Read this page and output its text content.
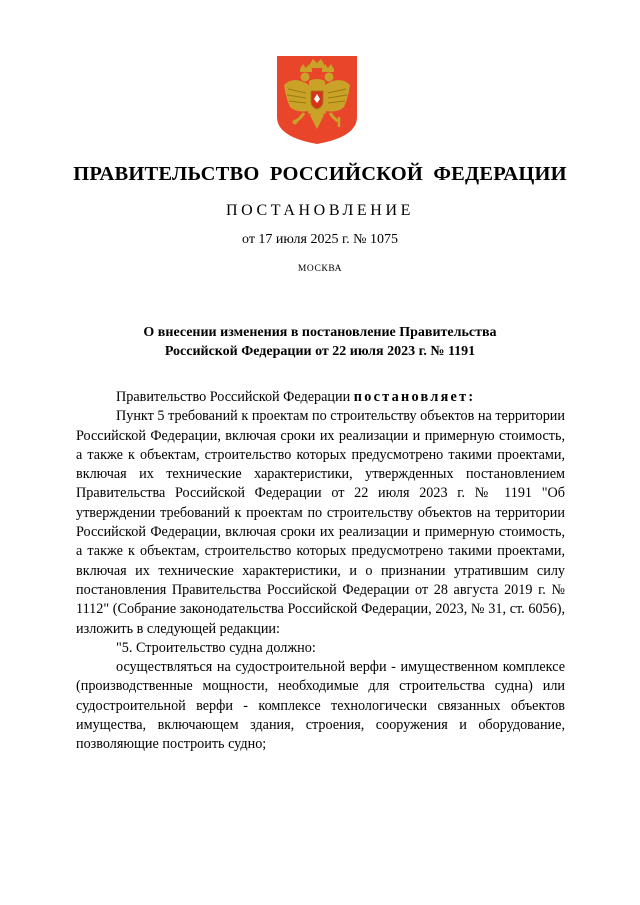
ПРАВИТЕЛЬСТВО РОССИЙСКОЙ ФЕДЕРАЦИИ
ПОСТАНОВЛЕНИЕ
от 17 июля 2025 г. № 1075
МОСКВА
О внесении изменения в постановление Правительства
Российской Федерации от 22 июля 2023 г. № 1191

Правительство Российской Федерации постановляет:

Пункт 5 требований к проектам по строительству объектов на территории Российской Федерации, включая сроки их реализации и примерную стоимость, а также к объектам, строительство которых предусмотрено такими проектами, включая их технические характеристики, утвержденных постановлением Правительства Российской Федерации от 22 июля 2023 г. № 1191 "Об утверждении требований к проектам по строительству объектов на территории Российской Федерации, включая сроки их реализации и примерную стоимость, а также к объектам, строительство которых предусмотрено такими проектами, включая их технические характеристики, и о признании утратившим силу постановления Правительства Российской Федерации от 28 августа 2019 г. № 1112" (Собрание законодательства Российской Федерации, 2023, № 31, ст. 6056), изложить в следующей редакции:

"5. Строительство судна должно:

осуществляться на судостроительной верфи - имущественном комплексе (производственные мощности, необходимые для строительства судна) или судостроительной верфи - комплексе технологически связанных объектов имущества, включающем здания, строения, сооружения и оборудование, позволяющие построить судно;
